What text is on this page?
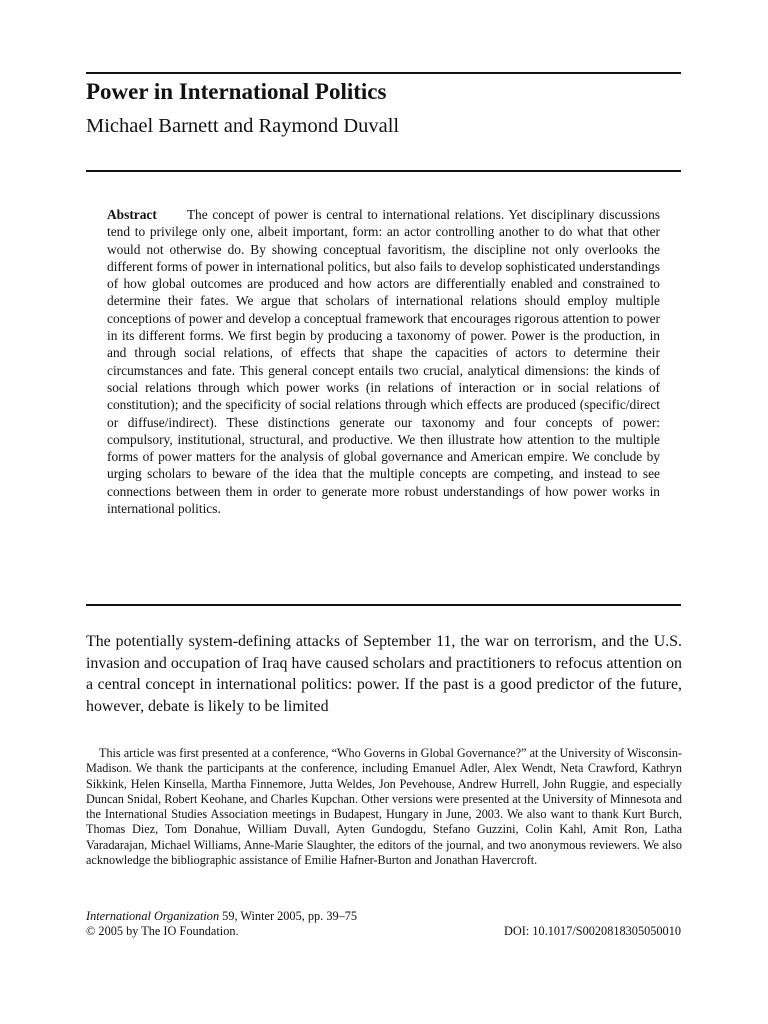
Power in International Politics
Michael Barnett and Raymond Duvall
Abstract The concept of power is central to international relations. Yet disciplinary discussions tend to privilege only one, albeit important, form: an actor controlling another to do what that other would not otherwise do. By showing conceptual favoritism, the discipline not only overlooks the different forms of power in international politics, but also fails to develop sophisticated understandings of how global outcomes are produced and how actors are differentially enabled and constrained to determine their fates. We argue that scholars of international relations should employ multiple conceptions of power and develop a conceptual framework that encourages rigorous attention to power in its different forms. We first begin by producing a taxonomy of power. Power is the production, in and through social relations, of effects that shape the capacities of actors to determine their circumstances and fate. This general concept entails two crucial, analytical dimensions: the kinds of social relations through which power works (in relations of interaction or in social relations of constitution); and the specificity of social relations through which effects are produced (specific/direct or diffuse/indirect). These distinctions generate our taxonomy and four concepts of power: compulsory, institutional, structural, and productive. We then illustrate how attention to the multiple forms of power matters for the analysis of global governance and American empire. We conclude by urging scholars to beware of the idea that the multiple concepts are competing, and instead to see connections between them in order to generate more robust understandings of how power works in international politics.
The potentially system-defining attacks of September 11, the war on terrorism, and the U.S. invasion and occupation of Iraq have caused scholars and practitioners to refocus attention on a central concept in international politics: power. If the past is a good predictor of the future, however, debate is likely to be limited
This article was first presented at a conference, “Who Governs in Global Governance?” at the University of Wisconsin-Madison. We thank the participants at the conference, including Emanuel Adler, Alex Wendt, Neta Crawford, Kathryn Sikkink, Helen Kinsella, Martha Finnemore, Jutta Weldes, Jon Pevehouse, Andrew Hurrell, John Ruggie, and especially Duncan Snidal, Robert Keohane, and Charles Kupchan. Other versions were presented at the University of Minnesota and the International Studies Association meetings in Budapest, Hungary in June, 2003. We also want to thank Kurt Burch, Thomas Diez, Tom Donahue, William Duvall, Ayten Gundogdu, Stefano Guzzini, Colin Kahl, Amit Ron, Latha Varadarajan, Michael Williams, Anne-Marie Slaughter, the editors of the journal, and two anonymous reviewers. We also acknowledge the bibliographic assistance of Emilie Hafner-Burton and Jonathan Havercroft.
International Organization 59, Winter 2005, pp. 39–75
© 2005 by The IO Foundation.	DOI: 10.1017/S0020818305050010
